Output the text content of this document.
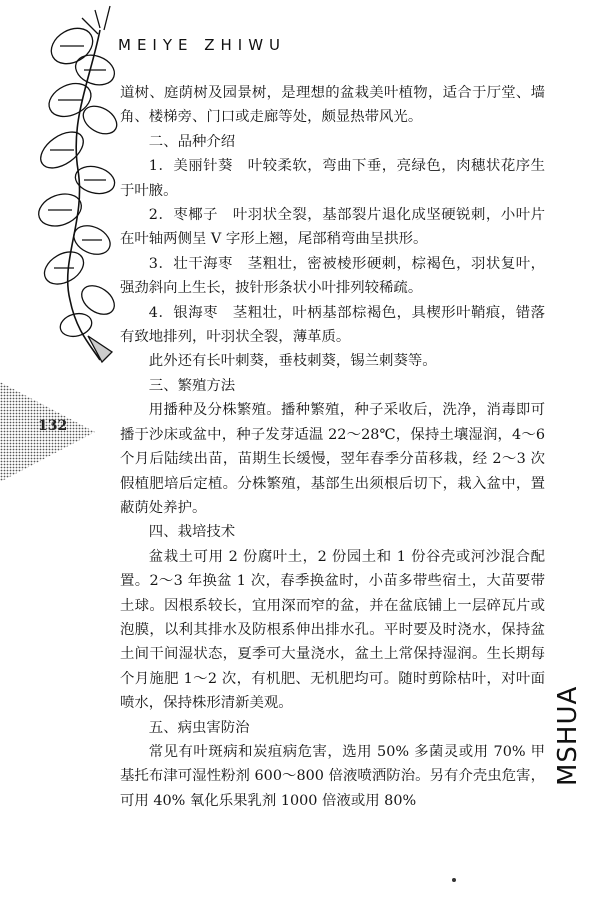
MEIYE ZHIWU
132

道树、庭荫树及园景树，是理想的盆栽美叶植物，适合于厅堂、墙角、楼梯旁、门口或走廊等处，颇显热带风光。

二、品种介绍

1．美丽针葵　叶较柔软，弯曲下垂，亮绿色，肉穗状花序生于叶腋。

2．枣椰子　叶羽状全裂，基部裂片退化成坚硬锐刺，小叶片在叶轴两侧呈 V 字形上翘，尾部稍弯曲呈拱形。

3．壮干海枣　茎粗壮，密被棱形硬刺，棕褐色，羽状复叶，强劲斜向上生长，披针形条状小叶排列较稀疏。

4．银海枣　茎粗壮，叶柄基部棕褐色，具楔形叶鞘痕，错落有致地排列，叶羽状全裂，薄革质。

此外还有长叶刺葵，垂枝刺葵，锡兰刺葵等。

三、繁殖方法

用播种及分株繁殖。播种繁殖，种子采收后，洗净，消毒即可播于沙床或盆中，种子发芽适温 22～28℃，保持土壤湿润，4～6 个月后陆续出苗，苗期生长缓慢，翌年春季分苗移栽，经 2～3 次假植肥培后定植。分株繁殖，基部生出须根后切下，栽入盆中，置蔽荫处养护。

四、栽培技术

盆栽土可用 2 份腐叶土，2 份园土和 1 份谷壳或河沙混合配置。2～3 年换盆 1 次，春季换盆时，小苗多带些宿土，大苗要带土球。因根系较长，宜用深而窄的盆，并在盆底铺上一层碎瓦片或泡膜，以利其排水及防根系伸出排水孔。平时要及时浇水，保持盆土间干间湿状态，夏季可大量浇水，盆土上常保持湿润。生长期每个月施肥 1～2 次，有机肥、无机肥均可。随时剪除枯叶，对叶面喷水，保持株形清新美观。

五、病虫害防治

常见有叶斑病和炭疽病危害，选用 50% 多菌灵或用 70% 甲基托布津可湿性粉剂 600～800 倍液喷洒防治。另有介壳虫危害，可用 40% 氧化乐果乳剂 1000 倍液或用 80%

MSHUA
